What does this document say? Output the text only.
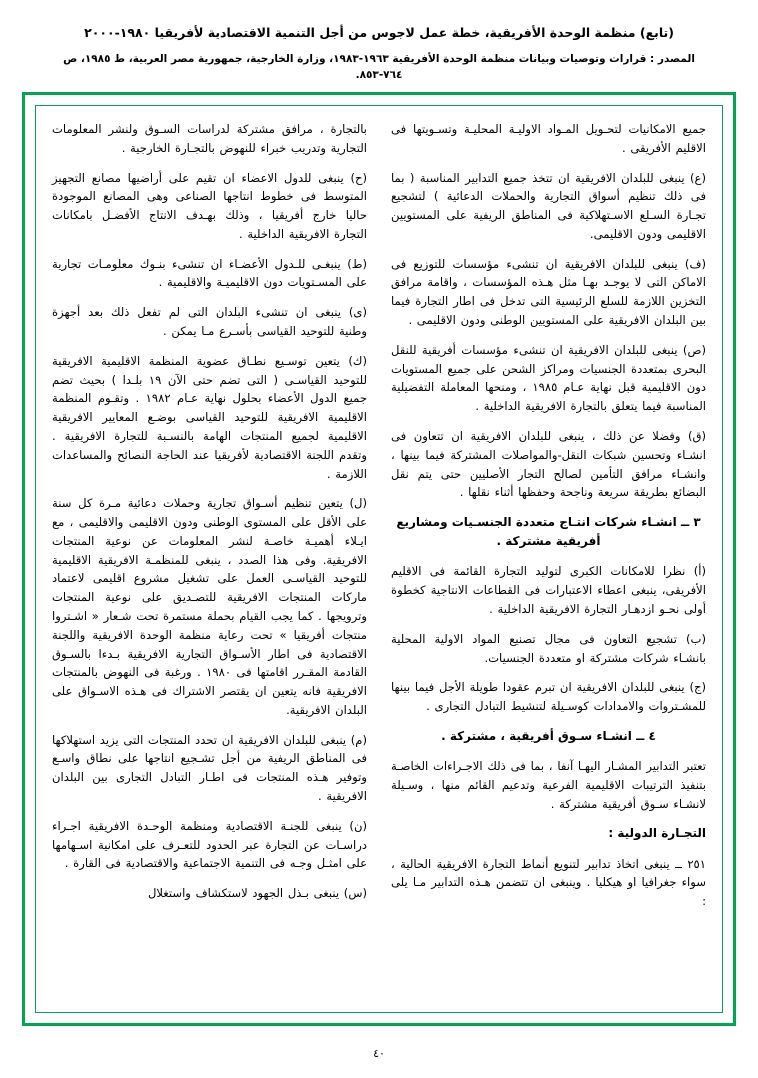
(تابع) منظمة الوحدة الأفريقية، خطة عمل لاجوس من أجل التنمية الاقتصادية لأفريقيا ١٩٨٠-٢٠٠٠
المصدر : قرارات وتوصيات وبيانات منظمة الوحدة الأفريقية ١٩٦٣-١٩٨٣، وزارة الخارجية، جمهورية مصر العربية، ط ١٩٨٥، ص ٧٦٤-٨٥٣.

جميع الامكانيات لتحـويل المـواد الاوليـة المحليـة وتسـويتها فى الاقليم الأفريقى .

(ع) ينبغى للبلدان الافريقية ان تتخذ جميع التدابير المناسبة ( بما فى ذلك تنظيم أسواق التجارية والحملات الدعائية ) لتشجيع تجـارة السـلع الاسـتهلاكية فى المناطق الريفية على المستويين الاقليمى ودون الاقليمى.

(ف) ينبغى للبلدان الافريقية ان تنشىء مؤسسات للتوزيع فى الاماكن التى لا يوجـد بهـا مثل هـذه المؤسسات ، واقامة مرافق التخزين اللازمة للسلع الرئيسية التى تدخل فى اطار التجارة فيما بين البلدان الافريقية على المستويين الوطنى ودون الاقليمى .

(ص) ينبغى للبلدان الافريقية ان تنشىء مؤسسات أفريقية للنقل البحرى بمتعددة الجنسيات ومراكز الشحن على جميع المستويات دون الاقليمية قبل نهاية عـام ١٩٨٥ ، ومنحها المعاملة التفضيلية المناسبة فيما يتعلق بالتجارة الافريقية الداخلية .

(ق) وفضلا عن ذلك ، ينبغى للبلدان الافريقية ان تتعاون فى انشـاء وتحسين شبكات النقل-والمواصلات المشتركة فيما بينها ، وانشـاء مرافق التأمين لصالح التجار الأصليين حتى يتم نقل البضائع بطريقة سريعة وناجحة وحفظها أثناء نقلها .

٣ ــ انشـاء شركات انتـاج متعددة الجنسـيات ومشاريع أفريقية مشتركة .

(أ) نظرا للامكانات الكبرى لتوليد التجارة القائمة فى الاقليم الأفريقى، ينبغى اعطاء الاعتبارات فى القطاعات الانتاجية كخطوة أولى نحـو ازدهـار التجارة الافريقية الداخلية .

(ب) تشجيع التعاون فى مجال تصنيع المواد الاولية المحلية بانشـاء شركات مشتركة او متعددة الجنسيات.

(ج) ينبغى للبلدان الافريقية ان تبرم عقودا طويلة الأجل فيما بينها للمشـتروات والامدادات كوسـيلة لتنشيط التبادل التجارى .

٤ ــ انشـاء سـوق أفريقية ، مشتركة .

تعتبر التدابير المشـار اليهـا آنفا ، بما فى ذلك الاجـراءات الخاصـة بتنفيذ الترتيبات الاقليمية الفرعية وتدعيم القائم منها ، وسـيلة لانشـاء سـوق أفريقية مشتركة .

التجـارة الدولية :

٢٥١ ــ ينبغى اتخاذ تدابير لتنويع أنماط التجارة الافريقية الحالية ، سواء جغرافيا او هيكليا . وينبغى ان تتضمن هـذه التدابير مـا يلى :

بالتجارة ، مرافق مشتركة لدراسات السـوق ولنشر المعلومات التجارية وتدريب خبراء للنهوض بالتجـارة الخارجية .

(ح) ينبغى للدول الاعضاء ان تقيم على أراضيها مصانع التجهيز المتوسط فى خطوط انتاجها الصناعى وهى المصانع الموجودة حاليا خارج أفريقيا ، وذلك بهـدف الانتاج الأفضـل بامكانات التجارة الافريقية الداخلية .

(ط) ينبغـى للـدول الأعضـاء ان تنشىء بنـوك معلومـات تجارية على المسـتويات دون الاقليميـة والاقليمية .

(ى) ينبغى ان تنشىء البلدان التى لم تفعل ذلك بعد أجهزة وطنية للتوحيد القياسى بأسـرع مـا يمكن .

(ك) يتعين توسـيع نطـاق عضوية المنظمة الاقليمية الافريقية للتوحيد القياسـى ( التى تضم حتى الآن ١٩ بلـدا ) بحيث تضم جميع الدول الأعضاء بحلول نهاية عـام ١٩٨٢ . وتقـوم المنظمة الاقليمية الافريقية للتوحيد القياسى بوضـع المعايير الافريقية الاقليمية لجميع المنتجات الهامة بالنسـبة للتجارة الافريقية . وتقدم اللجنة الاقتصادية لأفريقيا عند الحاجة النصائح والمساعدات اللازمة .

(ل) يتعين تنظيم أسـواق تجارية وحملات دعائية مـرة كل سنة على الأقل على المستوى الوطنى ودون الاقليمى والاقليمى ، مع ايـلاء أهميـة خاصـة لنشر المعلومات عن نوعية المنتجات الافريقية. وفى هذا الصدد ، ينبغى للمنظمـة الافريقية الاقليمية للتوحيد القياسـى العمل على تشغيل مشروع اقليمى لاعتماد ماركات المنتجات الافريقية للتصـديق على نوعية المنتجات وترويجها . كما يجب القيام بحملة مستمرة تحت شـعار « اشـتروا منتجات أفريقيا » تحت رعاية منظمة الوحدة الافريقية واللجنة الاقتصادية فى اطار الأسـواق التجارية الافريقية بـدءا بالسـوق القادمة المقـرر اقامتها فى ١٩٨٠ . ورغبة فى النهوض بالمنتجات الافريقية فانه يتعين ان يقتصر الاشتراك فى هـذه الاسـواق على البلدان الافريقية.

(م) ينبغى للبلدان الافريقية ان تحدد المنتجات التى يزيد استهلاكها فى المناطق الريفية من أجل تشـجيع انتاجها على نطاق واسـع وتوفير هـذه المنتجات فى اطـار التبادل التجارى بين البلدان الافريقية .

(ن) ينبغى للجنـة الاقتصادية ومنظمة الوحـدة الافريقية اجـراء دراسـات عن التجارة عبر الحدود للتعـرف على امكانية اسـهامها على امثـل وجـه فى التنمية الاجتماعية والاقتصادية فى القارة .

(س) ينبغى بـذل الجهود لاستكشاف واستغلال

٤٠
